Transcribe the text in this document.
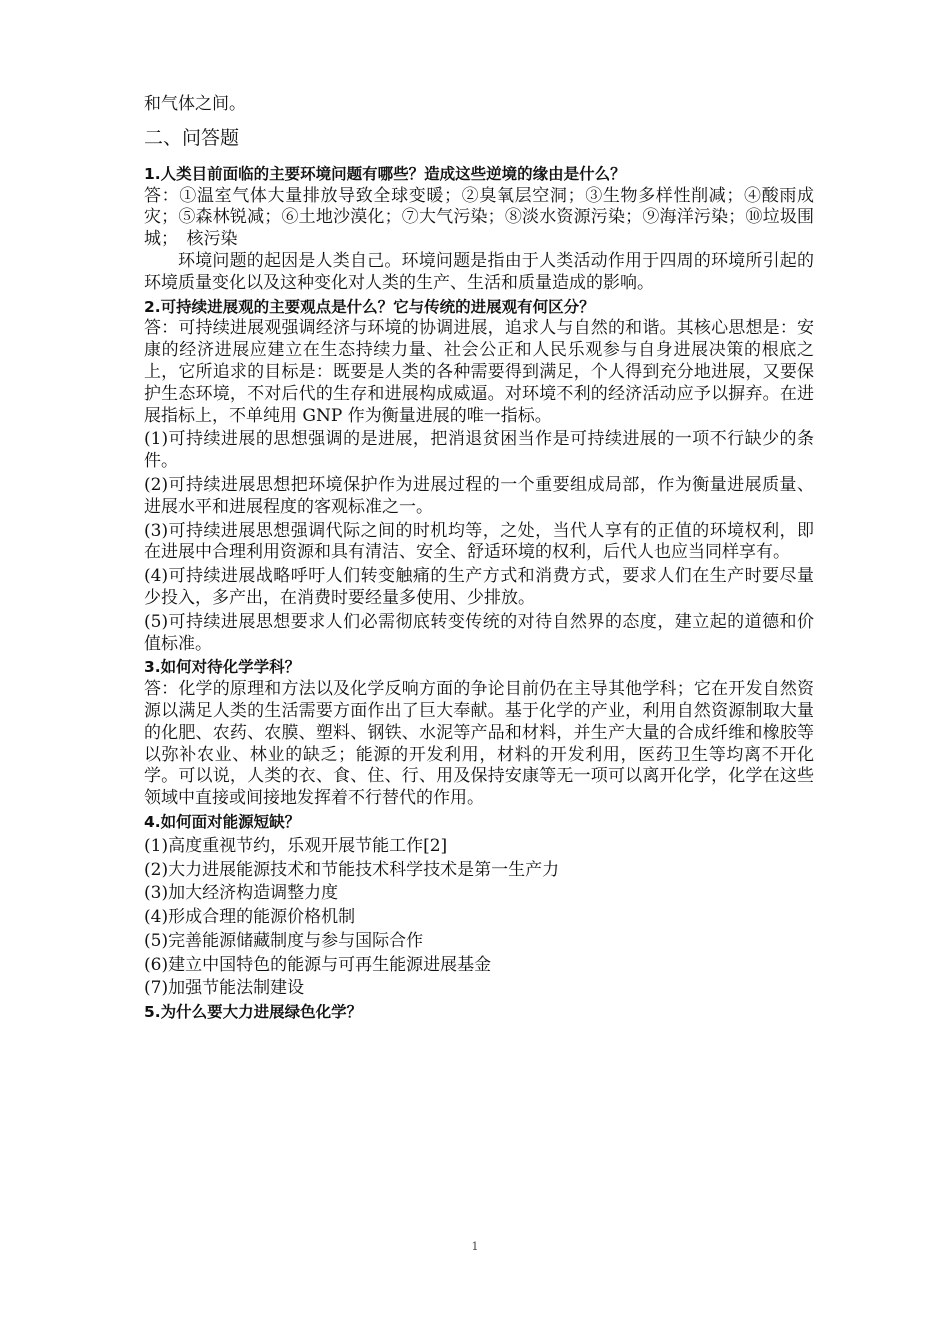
和气体之间。

二、问答题

1.人类目前面临的主要环境问题有哪些？造成这些逆境的缘由是什么？

答：①温室气体大量排放导致全球变暖；②臭氧层空洞；③生物多样性削减；④酸雨成灾；⑤森林锐减；⑥土地沙漠化；⑦大气污染；⑧淡水资源污染；⑨海洋污染；⑩垃圾围城；　核污染

环境问题的起因是人类自己。环境问题是指由于人类活动作用于四周的环境所引起的环境质量变化以及这种变化对人类的生产、生活和质量造成的影响。

2.可持续进展观的主要观点是什么？它与传统的进展观有何区分？

答：可持续进展观强调经济与环境的协调进展，追求人与自然的和谐。其核心思想是：安康的经济进展应建立在生态持续力量、社会公正和人民乐观参与自身进展决策的根底之上，它所追求的目标是：既要是人类的各种需要得到满足，个人得到充分地进展，又要保护生态环境，不对后代的生存和进展构成威逼。对环境不利的经济活动应予以摒弃。在进展指标上，不单纯用 GNP 作为衡量进展的唯一指标。

(1)可持续进展的思想强调的是进展，把消退贫困当作是可持续进展的一项不行缺少的条件。

(2)可持续进展思想把环境保护作为进展过程的一个重要组成局部，作为衡量进展质量、进展水平和进展程度的客观标准之一。

(3)可持续进展思想强调代际之间的时机均等，之处，当代人享有的正值的环境权利，即在进展中合理利用资源和具有清洁、安全、舒适环境的权利，后代人也应当同样享有。

(4)可持续进展战略呼吁人们转变触痛的生产方式和消费方式，要求人们在生产时要尽量少投入，多产出，在消费时要经量多使用、少排放。

(5)可持续进展思想要求人们必需彻底转变传统的对待自然界的态度，建立起的道德和价值标准。

3.如何对待化学学科？

答：化学的原理和方法以及化学反响方面的争论目前仍在主导其他学科；它在开发自然资源以满足人类的生活需要方面作出了巨大奉献。基于化学的产业，利用自然资源制取大量的化肥、农药、农膜、塑料、钢铁、水泥等产品和材料，并生产大量的合成纤维和橡胶等以弥补农业、林业的缺乏；能源的开发利用，材料的开发利用，医药卫生等均离不开化学。可以说，人类的衣、食、住、行、用及保持安康等无一项可以离开化学，化学在这些领域中直接或间接地发挥着不行替代的作用。

4.如何面对能源短缺？

(1)高度重视节约，乐观开展节能工作[2]

(2)大力进展能源技术和节能技术科学技术是第一生产力

(3)加大经济构造调整力度

(4)形成合理的能源价格机制

(5)完善能源储藏制度与参与国际合作

(6)建立中国特色的能源与可再生能源进展基金

(7)加强节能法制建设

5.为什么要大力进展绿色化学？

1
